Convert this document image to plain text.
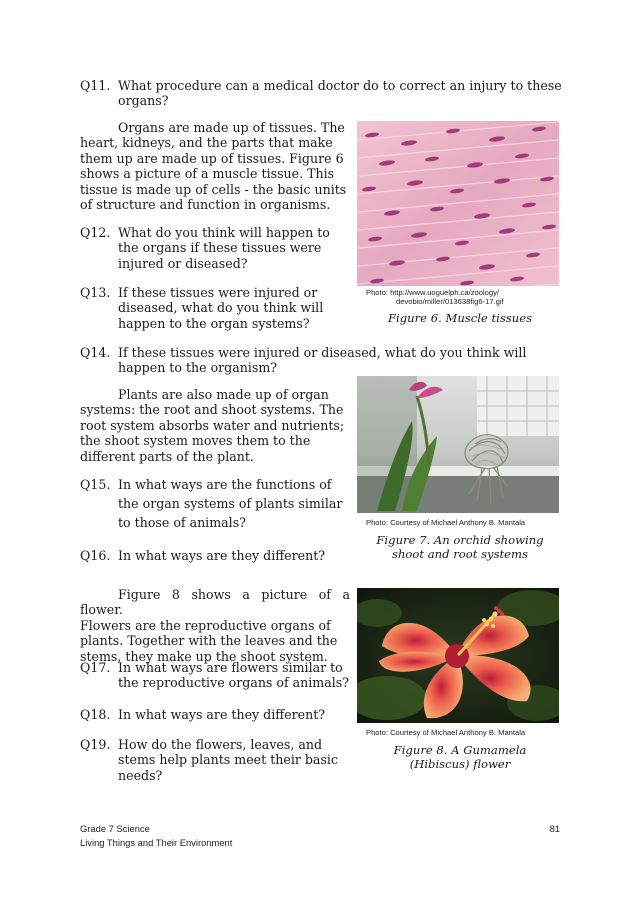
Q11. What procedure can a medical doctor do to correct an injury to these
organs?
Organs are made up of tissues. The
heart, kidneys, and the parts that make
them up are made up of tissues. Figure 6
shows a picture of a muscle tissue. This
tissue is made up of cells - the basic units
of structure and function in organisms.
Q12. What do you think will happen to
the organs if these tissues were
injured or diseased?
Q13. If these tissues were injured or
diseased, what do you think will
happen to the organ systems?
Photo: http://www.uoguelph.ca/zoology/
devobio/miller/013638fig6-17.gif
Figure 6. Muscle tissues
Q14. If these tissues were injured or diseased, what do you think will
happen to the organism?
Plants are also made up of organ
systems: the root and shoot systems. The
root system absorbs water and nutrients;
the shoot system moves them to the
different parts of the plant.
Q15. In what ways are the functions of
the organ systems of plants similar
to those of animals?	Photo: Courtesy of Michael Anthony B. Mantala
Figure 7. An orchid showing
shoot and root systems
Q16. In what ways are they different?
Figure 8 shows a picture of a flower.
Flowers are the reproductive organs of
plants. Together with the leaves and the
stems, they make up the shoot system.
Q17. In what ways are flowers similar to
the reproductive organs of animals?
Q18. In what ways are they different?
Q19. How do the flowers, leaves, and
stems help plants meet their basic
needs?
Photo: Courtesy of Michael Anthony B. Mantala
Figure 8. A Gumamela
(Hibiscus) flower
Grade 7 Science
Living Things and Their Environment
81
